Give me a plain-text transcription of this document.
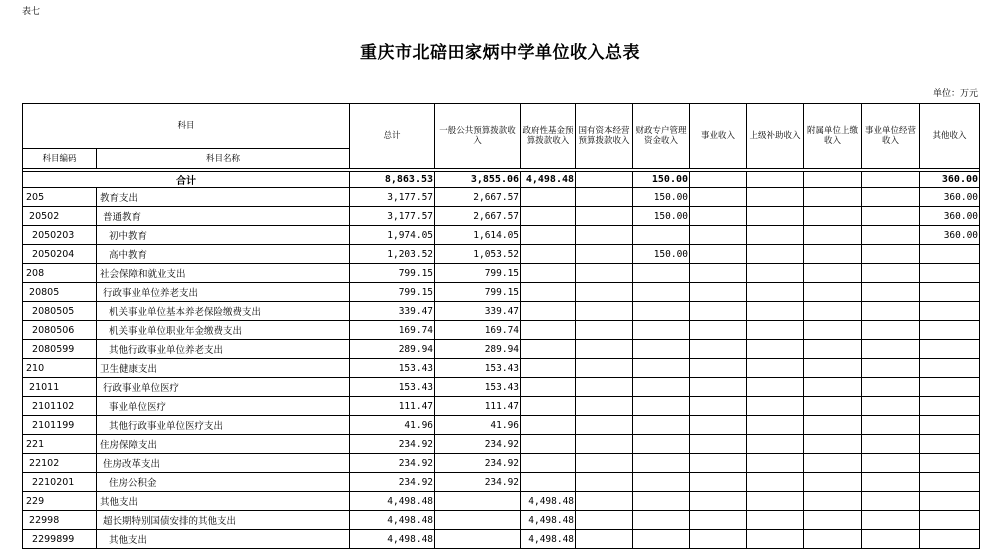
表七
重庆市北碚田家炳中学单位收入总表
单位：万元
科目		总计	一般公共预算拨款收入	政府性基金预算拨款收入	国有资本经营预算拨款收入	财政专户管理资金收入	事业收入	上级补助收入	附属单位上缴收入	事业单位经营收入	其他收入
科目编码	科目名称										

合计		8,863.53	3,855.06	4,498.48		150.00					360.00
205	教育支出	3,177.57	2,667.57			150.00					360.00
20502	普通教育	3,177.57	2,667.57			150.00					360.00
2050203	初中教育	1,974.05	1,614.05								360.00
2050204	高中教育	1,203.52	1,053.52			150.00					
208	社会保障和就业支出	799.15	799.15								
20805	行政事业单位养老支出	799.15	799.15								
2080505	机关事业单位基本养老保险缴费支出	339.47	339.47								
2080506	机关事业单位职业年金缴费支出	169.74	169.74								
2080599	其他行政事业单位养老支出	289.94	289.94								
210	卫生健康支出	153.43	153.43								
21011	行政事业单位医疗	153.43	153.43								
2101102	事业单位医疗	111.47	111.47								
2101199	其他行政事业单位医疗支出	41.96	41.96								
221	住房保障支出	234.92	234.92								
22102	住房改革支出	234.92	234.92								
2210201	住房公积金	234.92	234.92								
229	其他支出	4,498.48		4,498.48							
22998	超长期特别国债安排的其他支出	4,498.48		4,498.48							
2299899	其他支出	4,498.48		4,498.48							
